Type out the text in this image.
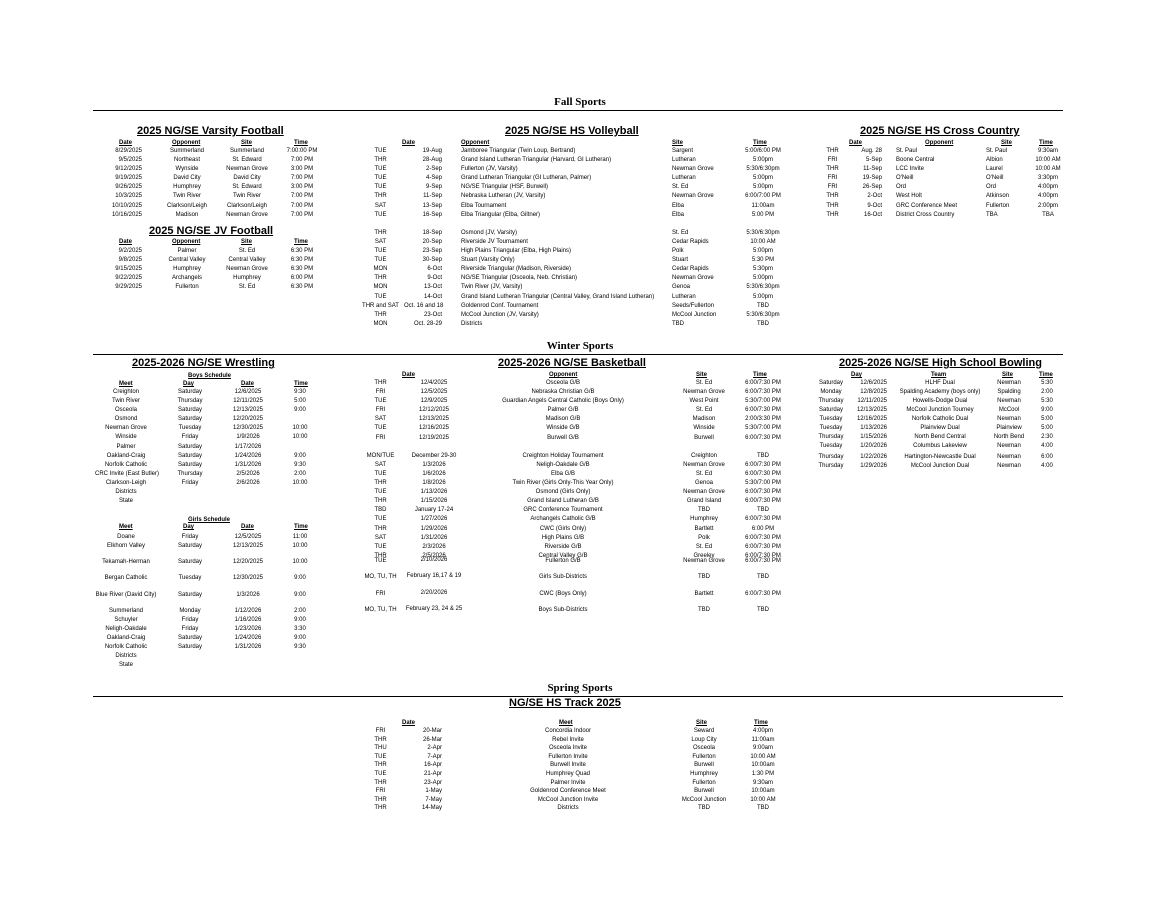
Fall Sports
Winter Sports
Spring Sports
2025 NG/SE Varsity Football
Date	Opponent	Site	Time
8/29/2025	Summerland	Summerland	7:00:00 PM
9/5/2025	Northeast	St. Edward	7:00 PM
9/12/2025	Wynside	Newman Grove	3:00 PM
9/19/2025	David City	David City	7:00 PM
9/26/2025	Humphrey	St. Edward	3:00 PM
10/3/2025	Twin River	Twin River	7:00 PM
10/10/2025	Clarkson/Leigh	Clarkson/Leigh	7:00 PM
10/16/2025	Madison	Newman Grove	7:00 PM
2025 NG/SE JV Football
Date	Opponent	Site	Time
9/2/2025	Palmer	St. Ed	6:30 PM
9/8/2025	Central Valley	Central Valley	6:30 PM
9/15/2025	Humphrey	Newman Grove	6:30 PM
9/22/2025	Archangels	Humphrey	6:00 PM
9/29/2025	Fullerton	St. Ed	6:30 PM
2025 NG/SE HS Volleyball
Date	Opponent	Site	Time
TUE	19-Aug	Jamboree Triangular (Twin Loup, Bertrand)	Sargent	5:00/6:00 PM
THR	28-Aug	Grand Island Lutheran Triangular (Harvard, GI Lutheran)	Lutheran	5:00pm
TUE	2-Sep	Fullerton (JV, Varsity)	Newman Grove	5:30/6:30pm
TUE	4-Sep	Grand Lutheran Triangular (GI Lutheran, Palmer)	Lutheran	5:00pm
TUE	9-Sep	NG/SE Triangular (HSF, Burwell)	St. Ed	5:00pm
THR	11-Sep	Nebraska Lutheran (JV, Varsity)	Newman Grove	6:00/7:00 PM
SAT	13-Sep	Elba Tournament	Elba	11:00am
TUE	16-Sep	Elba Triangular (Elba, Giltner)	Elba	5:00 PM
THR	18-Sep	Osmond (JV, Varsity)	St. Ed	5:30/6:30pm
SAT	20-Sep	Riverside JV Tournament	Cedar Rapids	10:00 AM
TUE	23-Sep	High Plains Triangular (Elba, High Plains)	Polk	5:00pm
TUE	30-Sep	Stuart (Varsity Only)	Stuart	5:30 PM
MON	6-Oct	Riverside Triangular (Madison, Riverside)	Cedar Rapids	5:30pm
THR	9-Oct	NG/SE Triangular (Osceola, Neb. Christian)	Newman Grove	5:00pm
MON	13-Oct	Twin River (JV, Varsity)	Genoa	5:30/6:30pm
TUE	14-Oct	Grand Island Lutheran Triangular (Central Valley, Grand Island Lutheran)	Lutheran	5:00pm
THR and SAT Oct. 16 and 18	Goldenrod Conf. Tournament	Seeds/Fullerton	TBD
THR	23-Oct	McCool Junction (JV, Varsity)	McCool Junction	5:30/6:30pm
MON	Oct. 28-29	Districts	TBD	TBD
2025 NG/SE HS Cross Country
Date	Opponent	Site	Time
THR	Aug. 28 St. Paul	St. Paul	9:30am
FRI	5-Sep Boone Central	Albion	10:00 AM
THR	11-Sep LCC Invite	Laurel	10:00 AM
FRI	19-Sep O'Neill	O'Neill	3:30pm
FRI	26-Sep Ord	Ord	4:00pm
THR	2-Oct West Holt	Atkinson	4:00pm
THR	9-Oct GRC Conference Meet	Fullerton	2:00pm
THR	16-Oct District Cross Country	TBA	TBA
2025-2026 NG/SE Wrestling
Boys Schedule
Meet	Day	Date	Time
Creighton	Saturday	12/6/2025	9:30
Twin River	Thursday	12/11/2025	5:00
Osceola	Saturday	12/13/2025	9:00
Osmond	Saturday	12/20/2025
Newman Grove	Tuesday	12/30/2025	10:00
Winside	Friday	1/9/2026	10:00
Palmer	Saturday	1/17/2026
Oakland-Craig	Saturday	1/24/2026	9:00
Norfolk Catholic	Saturday	1/31/2026	9:30
CRC Invite (East Butler)	Thursday	2/5/2026	2:00
Clarkson-Leigh	Friday	2/6/2026	10:00
Districts
State
Girls Schedule
Meet	Day	Date	Time
Doane	Friday	12/5/2025	11:00
Elkhorn Valley	Saturday	12/13/2025	10:00
Tekamah-Herman	Saturday	12/20/2025	10:00
Bergan Catholic	Tuesday	12/30/2025	9:00
Blue River (David City)	Saturday	1/3/2026	9:00
Summerland	Monday	1/12/2026	2:00
Schuyler	Friday	1/16/2026	9:00
Neligh-Oakdale	Friday	1/23/2026	3:30
Oakland-Craig	Saturday	1/24/2026	9:00
Norfolk Catholic	Saturday	1/31/2026	9:30
Districts
State
2025-2026 NG/SE Basketball
Date	Opponent	Site	Time
THR	12/4/2025	Osceola G/B	St. Ed	6:00/7:30 PM
FRI	12/5/2025	Nebraska Christian G/B	Newman Grove	6:00/7:30 PM
TUE	12/9/2025	Guardian Angels Central Catholic (Boys Only)	West Point	5:30/7:00 PM
FRI	12/12/2025	Palmer G/B	St. Ed	6:00/7:30 PM
SAT	12/13/2025	Madison G/B	Madison	2:00/3:30 PM
TUE	12/16/2025	Winside G/B	Winside	5:30/7:00 PM
FRI	12/19/2025	Burwell G/B	Burwell	6:00/7:30 PM
MON/TUE	December 29-30	Creighton Holiday Tournament	Creighton	TBD
SAT	1/3/2026	Neligh-Oakdale G/B	Newman Grove	6:00/7:30 PM
TUE	1/6/2026	Elba G/B	St. Ed	6:00/7:30 PM
THR	1/8/2026	Twin River (Girls Only-This Year Only)	Genoa	5:30/7:00 PM
TUE	1/13/2026	Osmond (Girls Only)	Newman Grove	6:00/7:30 PM
THR	1/15/2026	Grand Island Lutheran G/B	Grand Island	6:00/7:30 PM
TBD	January 17-24	GRC Conference Tournament	TBD	TBD
TUE	1/27/2026	Archangels Catholic G/B	Humphrey	6:00/7:30 PM
THR	1/29/2026	CWC (Girls Only)	Bartlett	6:00 PM
SAT	1/31/2026	High Plains G/B	Polk	6:00/7:30 PM
TUE	2/3/2026	Riverside G/B	St. Ed	6:00/7:30 PM
THR	2/5/2026	Central Valley G/B	Greeley	6:00/7:30 PM
TUE	2/10/2026	Fullerton G/B	Newman Grove	6:00/7:30 PM
MO, TU, TH	February 16,17 & 19	Girls Sub-Districts	TBD	TBD
FRI	2/20/2026	CWC (Boys Only)	Bartlett	6:00/7:30 PM
MO, TU, TH	February 23, 24 & 25	Boys Sub-Districts	TBD	TBD
2025-2026 NG/SE High School Bowling
Day	Team	Site	Time
Saturday	12/6/2025	HLHF Dual	Newman	5:30
Monday	12/8/2025	Spalding Academy (boys only)	Spalding	2:00
Thursday	12/11/2025	Howells-Dodge Dual	Newman	5:30
Saturday	12/13/2025	McCool Junction Tourney	McCool	9:00
Tuesday	12/16/2025	Norfolk Catholic Dual	Newman	5:00
Tuesday	1/13/2026	Plainview Dual	Plainview	5:00
Thursday	1/15/2026	North Bend Central	North Bend	2:30
Tuesday	1/20/2026	Columbus Lakeview	Newman	4:00
Thursday	1/22/2026	Hartington-Newcastle Dual	Newman	6:00
Thursday	1/29/2026	McCool Junction Dual	Newman	4:00
NG/SE HS Track 2025
Date	Meet	Site	Time
FRI	20-Mar	Concordia Indoor	Seward	4:00pm
THR	26-Mar	Rebel Invite	Loup City	11:00am
THU	2-Apr	Osceola Invite	Osceola	9:00am
TUE	7-Apr	Fullerton Invite	Fullerton	10:00 AM
THR	16-Apr	Burwell Invite	Burwell	10:00am
TUE	21-Apr	Humphrey Quad	Humphrey	1:30 PM
THR	23-Apr	Palmer Invite	Fullerton	9:30am
FRI	1-May	Goldenrod Conference Meet	Burwell	10:00am
THR	7-May	McCool Junction Invite	McCool Junction	10:00 AM
THR	14-May	Districts	TBD	TBD
